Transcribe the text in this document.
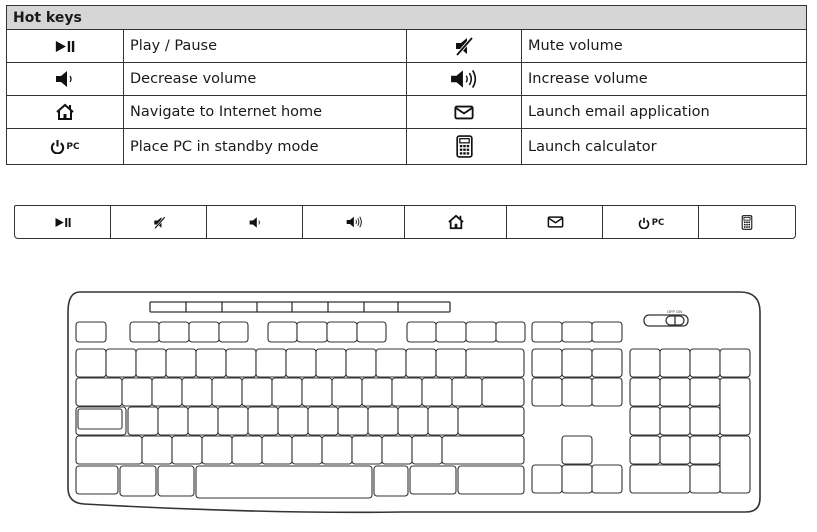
Hot keys			
	Play / Pause		Mute volume
	Decrease volume		Increase volume
	Navigate to Internet home		Launch email application
PC	Place PC in standby mode		Launch calculator
PC
OFF ON
